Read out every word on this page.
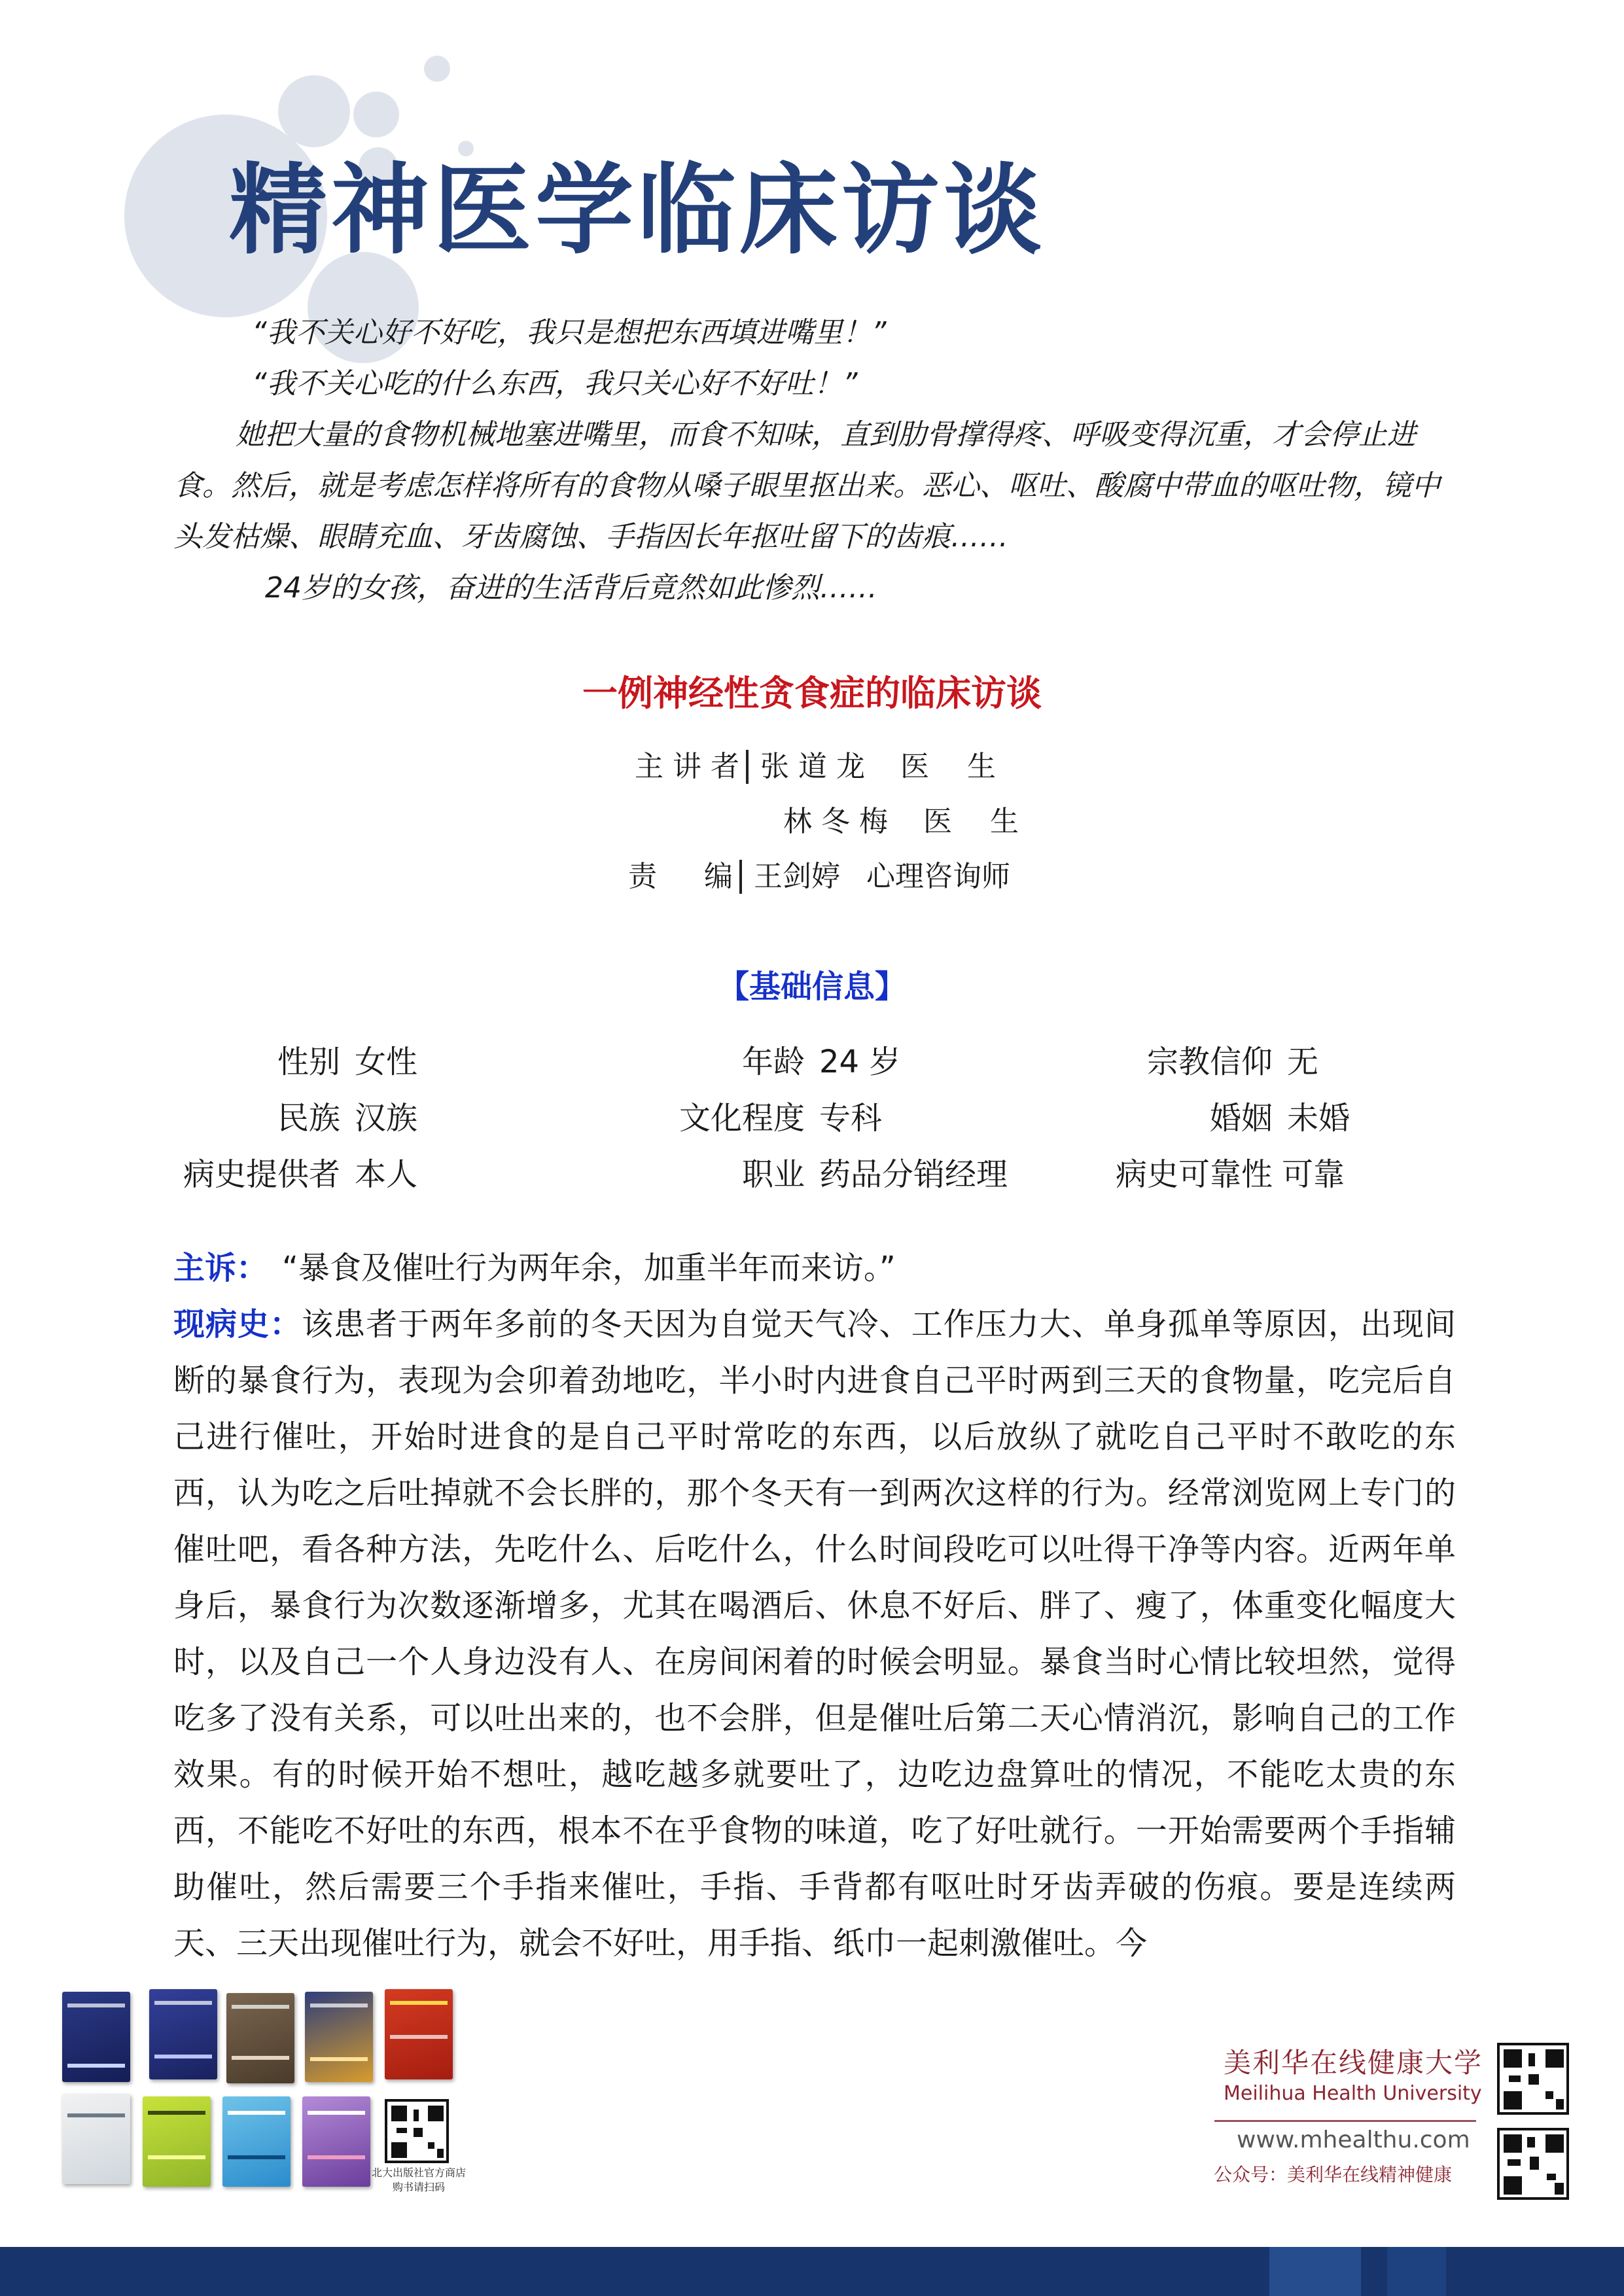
精神医学临床访谈

“我不关心好不好吃，我只是想把东西填进嘴里！”

“我不关心吃的什么东西，我只关心好不好吐！”

她把大量的食物机械地塞进嘴里，而食不知味，直到肋骨撑得疼、呼吸变得沉重，才会停止进食。然后，就是考虑怎样将所有的食物从嗓子眼里抠出来。恶心、呕吐、酸腐中带血的呕吐物，镜中头发枯燥、眼睛充血、牙齿腐蚀、手指因长年抠吐留下的齿痕……

24岁的女孩，奋进的生活背后竟然如此惨烈……

一例神经性贪食症的临床访谈
主讲者 张道龙 医　 生
林冬梅 医　 生
责　编 王剑婷 心理咨询师
【基础信息】
性别 女性	年龄 24 岁	宗教信仰 无
民族 汉族	文化程度 专科	婚姻 未婚
病史提供者 本人	职业 药品分销经理	病史可靠性 可靠

主诉： “暴食及催吐行为两年余，加重半年而来访。”

现病史：该患者于两年多前的冬天因为自觉天气冷、工作压力大、单身孤单等原因，出现间断的暴食行为，表现为会卯着劲地吃，半小时内进食自己平时两到三天的食物量，吃完后自己进行催吐，开始时进食的是自己平时常吃的东西，以后放纵了就吃自己平时不敢吃的东西，认为吃之后吐掉就不会长胖的，那个冬天有一到两次这样的行为。经常浏览网上专门的催吐吧，看各种方法，先吃什么、后吃什么，什么时间段吃可以吐得干净等内容。近两年单身后，暴食行为次数逐渐增多，尤其在喝酒后、休息不好后、胖了、瘦了，体重变化幅度大时，以及自己一个人身边没有人、在房间闲着的时候会明显。暴食当时心情比较坦然，觉得吃多了没有关系，可以吐出来的，也不会胖，但是催吐后第二天心情消沉，影响自己的工作效果。有的时候开始不想吐，越吃越多就要吐了，边吃边盘算吐的情况，不能吃太贵的东西，不能吃不好吐的东西，根本不在乎食物的味道，吃了好吐就行。一开始需要两个手指辅助催吐，然后需要三个手指来催吐，手指、手背都有呕吐时牙齿弄破的伤痕。要是连续两天、三天出现催吐行为，就会不好吐，用手指、纸巾一起刺激催吐。今

北大出版社官方商店
购书请扫码
美利华在线健康大学
Meilihua Health University
www.mhealthu.com
公众号：美利华在线精神健康
